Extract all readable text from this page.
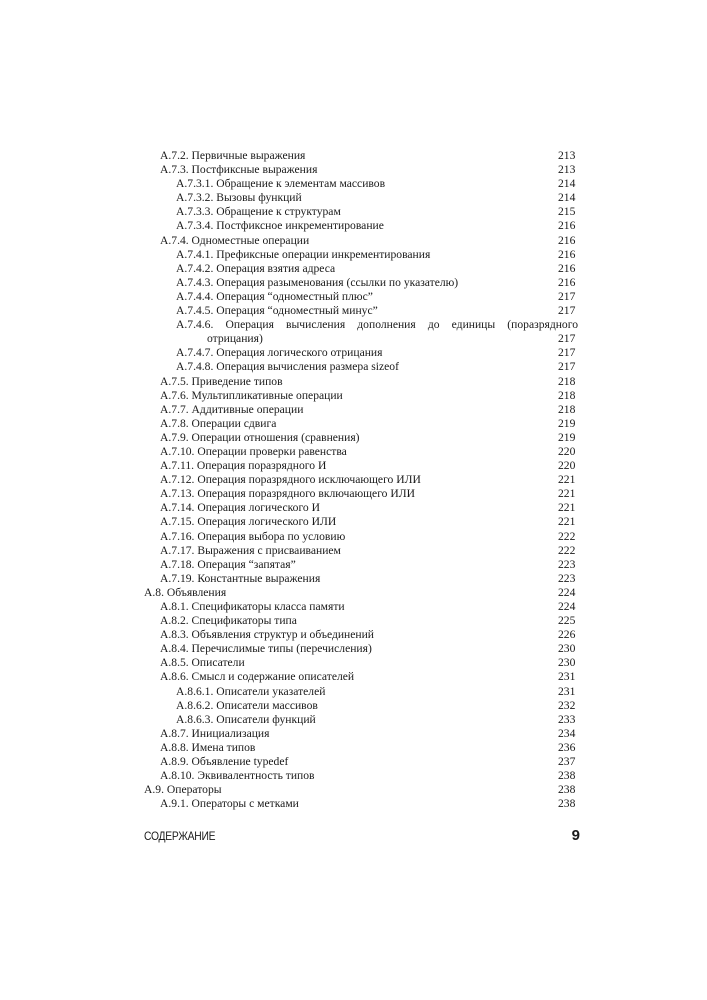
А.7.2. Первичные выражения	213
А.7.3. Постфиксные выражения	213
А.7.3.1. Обращение к элементам массивов	214
А.7.3.2. Вызовы функций	214
А.7.3.3. Обращение к структурам	215
А.7.3.4. Постфиксное инкрементирование	216
А.7.4. Одноместные операции	216
А.7.4.1. Префиксные операции инкрементирования	216
А.7.4.2. Операция взятия адреса	216
А.7.4.3. Операция разыменования (ссылки по указателю)	216
А.7.4.4. Операция “одноместный плюс”	217
А.7.4.5. Операция “одноместный минус”	217
А.7.4.6. Операция вычисления дополнения до единицы (поразрядного
отрицания)	217
А.7.4.7. Операция логического отрицания	217
А.7.4.8. Операция вычисления размера sizeof	217
А.7.5. Приведение типов	218
А.7.6. Мультипликативные операции	218
А.7.7. Аддитивные операции	218
А.7.8. Операции сдвига	219
А.7.9. Операции отношения (сравнения)	219
А.7.10. Операции проверки равенства	220
А.7.11. Операция поразрядного И	220
А.7.12. Операция поразрядного исключающего ИЛИ	221
А.7.13. Операция поразрядного включающего ИЛИ	221
А.7.14. Операция логического И	221
А.7.15. Операция логического ИЛИ	221
А.7.16. Операция выбора по условию	222
А.7.17. Выражения с присваиванием	222
А.7.18. Операция “запятая”	223
А.7.19. Константные выражения	223
А.8. Объявления	224
А.8.1. Спецификаторы класса памяти	224
А.8.2. Спецификаторы типа	225
А.8.3. Объявления структур и объединений	226
А.8.4. Перечислимые типы (перечисления)	230
А.8.5. Описатели	230
А.8.6. Смысл и содержание описателей	231
А.8.6.1. Описатели указателей	231
А.8.6.2. Описатели массивов	232
А.8.6.3. Описатели функций	233
А.8.7. Инициализация	234
А.8.8. Имена типов	236
А.8.9. Объявление typedef	237
А.8.10. Эквивалентность типов	238
А.9. Операторы	238
А.9.1. Операторы с метками	238
СОДЕРЖАНИЕ	9
